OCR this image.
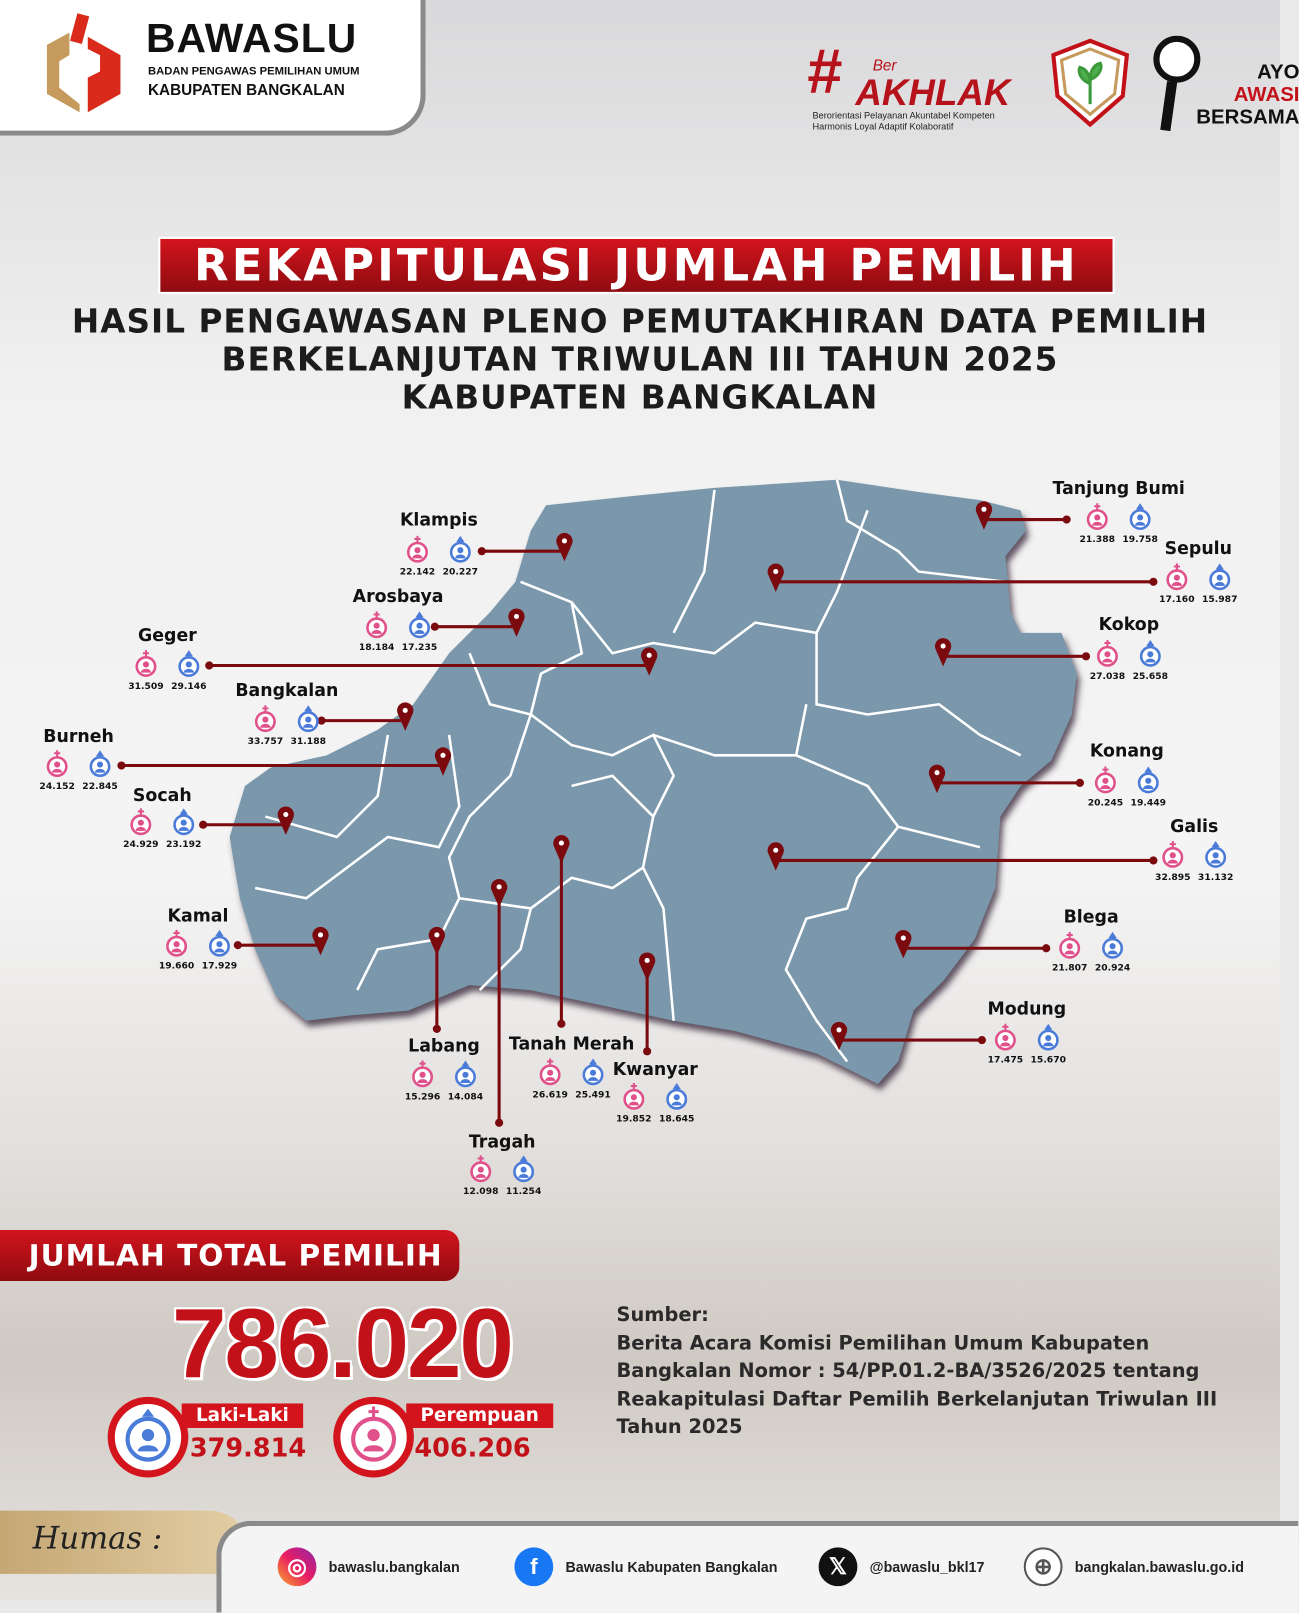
BAWASLU
BADAN PENGAWAS PEMILIHAN UMUM
KABUPATEN BANGKALAN	# Ber
AKHLAK
Berorientasi Pelayanan Akuntabel Kompeten
Harmonis Loyal Adaptif Kolaboratif
AYO
AWASI
BERSAMA
REKAPITULASI JUMLAH PEMILIH
HASIL PENGAWASAN PLENO PEMUTAKHIRAN DATA PEMILIH
BERKELANJUTAN TRIWULAN III TAHUN 2025
KABUPATEN BANGKALAN
Klampis
22.142 20.227
Arosbaya
18.184 17.235
Geger
31.509 29.146 Bangkalan
33.757 31.188
Burneh
24.152 22.845 Socah
24.929 23.192
Kamal
19.660 17.929
Labang
15.296 14.084
Tanah Merah
26.619 25.491
Kwanyar
19.852 18.645
Tragah
12.098 11.254
Tanjung Bumi
21.388 19.758 Sepulu
17.160 15.987
Kokop
27.038 25.658
Konang
20.245 19.449
Galis
32.895 31.132
Blega
21.807 20.924
Modung
17.475 15.670
JUMLAH TOTAL PEMILIH
786.020
Laki-Laki
379.814
Perempuan
406.206
Sumber:
Berita Acara Komisi Pemilihan Umum Kabupaten Bangkalan Nomor : 54/PP.01.2-BA/3526/2025 tentang Reakapitulasi Daftar Pemilih Berkelanjutan Triwulan III Tahun 2025
Humas :
◎	bawaslu.bangkalan	f	Bawaslu Kabupaten Bangkalan	𝕏	@bawaslu_bkl17	⊕	bangkalan.bawaslu.go.id
